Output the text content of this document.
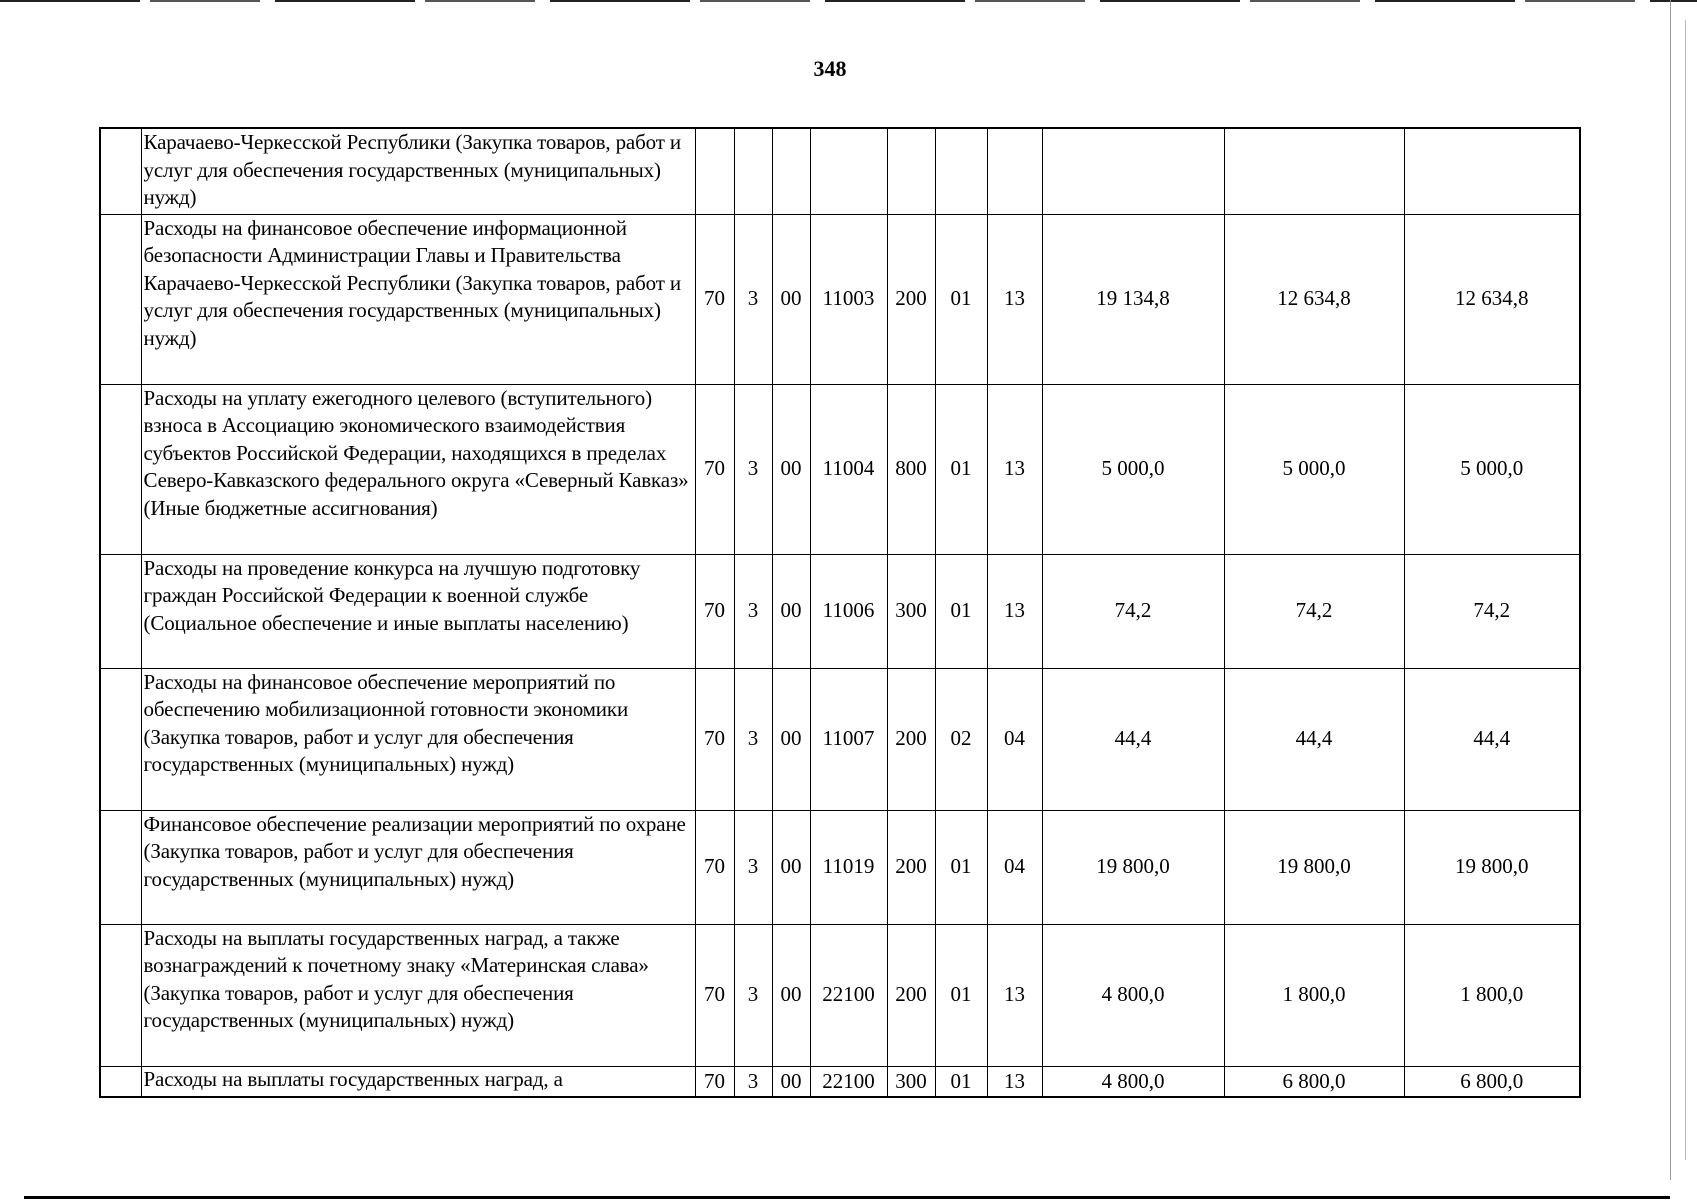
348
	Карачаево-Черкесской Республики (Закупка товаров, работ и услуг для обеспечения государственных (муниципальных) нужд)										
	Расходы на финансовое обеспечение информационной безопасности Администрации Главы и Правительства Карачаево-Черкесской Республики (Закупка товаров, работ и услуг для обеспечения государственных (муниципальных) нужд)	70	3	00	11003	200	01	13	19 134,8	12 634,8	12 634,8
	Расходы на уплату ежегодного целевого (вступительного) взноса в Ассоциацию экономического взаимодействия субъектов Российской Федерации, находящихся в пределах Северо-Кавказского федерального округа «Северный Кавказ» (Иные бюджетные ассигнования)	70	3	00	11004	800	01	13	5 000,0	5 000,0	5 000,0
	Расходы на проведение конкурса на лучшую подготовку граждан Российской Федерации к военной службе (Социальное обеспечение и иные выплаты населению)	70	3	00	11006	300	01	13	74,2	74,2	74,2
	Расходы на финансовое обеспечение мероприятий по обеспечению мобилизационной готовности экономики (Закупка товаров, работ и услуг для обеспечения государственных (муниципальных) нужд)	70	3	00	11007	200	02	04	44,4	44,4	44,4
	Финансовое обеспечение реализации мероприятий по охране (Закупка товаров, работ и услуг для обеспечения государственных (муниципальных) нужд)	70	3	00	11019	200	01	04	19 800,0	19 800,0	19 800,0
	Расходы на выплаты государственных наград, а также вознаграждений к почетному знаку «Материнская слава» (Закупка товаров, работ и услуг для обеспечения государственных (муниципальных) нужд)	70	3	00	22100	200	01	13	4 800,0	1 800,0	1 800,0
	Расходы на выплаты государственных наград, а	70	3	00	22100	300	01	13	4 800,0	6 800,0	6 800,0
